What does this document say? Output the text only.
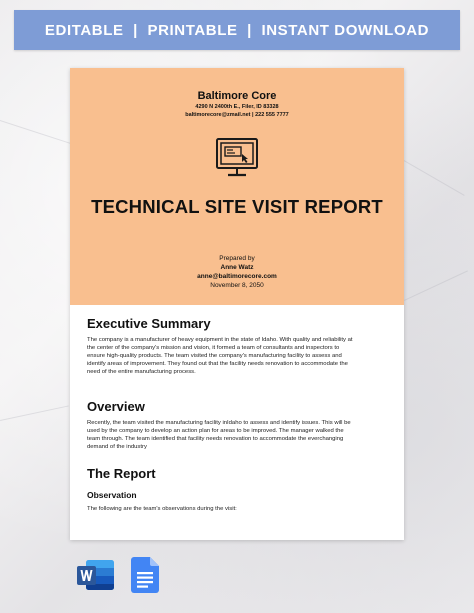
EDITABLE  |  PRINTABLE  |  INSTANT DOWNLOAD
Baltimore Core
4290 N 2400th E., Filer, ID 83328
baltimorecore@zmail.net | 222 555 7777
TECHNICAL SITE VISIT REPORT
Prepared by
Anne Watz
anne@baltimorecore.com
November 8, 2050
Executive Summary
The company is a manufacturer of heavy equipment in the state of Idaho. With quality and reliability at
the center of the company's mission and vision, it formed a team of consultants and inspectors to
ensure high-quality products. The team visited the company's manufacturing facility to assess and
identify areas of improvement. They found out that the facility needs renovation to accommodate the
need of the entire manufacturing process.
Overview
Recently, the team visited the manufacturing facility inIdaho to assess and identify issues. This will be
used by the company to develop an action plan for areas to be improved. The manager walked the
team through. The team identified that facility needs renovation to accommodate the everchanging
demand of the industry
The Report
Observation
The following are the team's observations during the visit:
